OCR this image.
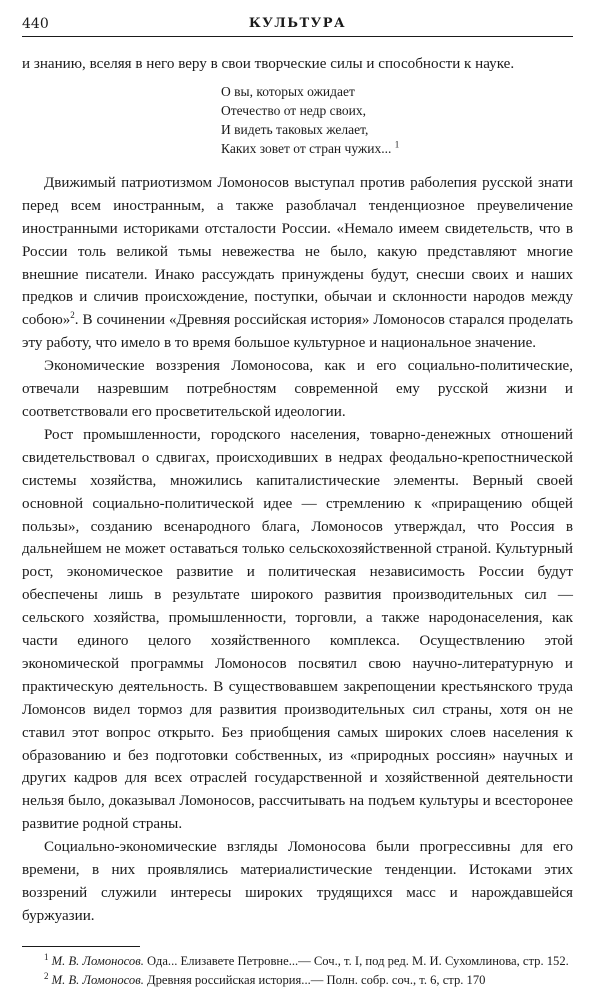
440	КУЛЬТУРА

и знанию, вселяя в него веру в свои творческие силы и способности к науке.

О вы, которых ожидает
Отечество от недр своих,
И видеть таковых желает,
Каких зовет от стран чужих... $^1$

Движимый патриотизмом Ломоносов выступал против раболепия русской знати перед всем иностранным, а также разоблачал тенденциозное преувеличение иностранными историками отсталости России. «Немало имеем свидетельств, что в России толь великой тьмы невежества не было, какую представляют многие внешние писатели. Инако рассуждать принуждены будут, снесши своих и наших предков и сличив происхождение, поступки, обычаи и склонности народов между собою»$^2$. В сочинении «Древняя российская история» Ломоносов старался проделать эту работу, что имело в то время большое культурное и национальное значение.

Экономические воззрения Ломоносова, как и его социально-политические, отвечали назревшим потребностям современной ему русской жизни и соответствовали его просветительской идеологии.

Рост промышленности, городского населения, товарно-денежных отношений свидетельствовал о сдвигах, происходивших в недрах феодально-крепостнической системы хозяйства, множились капиталистические элементы. Верный своей основной социально-политической идее — стремлению к «приращению общей пользы», созданию всенародного блага, Ломоносов утверждал, что Россия в дальнейшем не может оставаться только сельскохозяйственной страной. Культурный рост, экономическое развитие и политическая независимость России будут обеспечены лишь в результате широкого развития производительных сил — сельского хозяйства, промышленности, торговли, а также народонаселения, как части единого целого хозяйственного комплекса. Осуществлению этой экономической программы Ломоносов посвятил свою научно-литературную и практическую деятельность. В существовавшем закрепощении крестьянского труда Ломонсов видел тормоз для развития производительных сил страны, хотя он не ставил этот вопрос открыто. Без приобщения самых широких слоев населения к образованию и без подготовки собственных, из «природных россиян» научных и других кадров для всех отраслей государственной и хозяйственной деятельности нельзя было, доказывал Ломоносов, рассчитывать на подъем культуры и всесторонее развитие родной страны.

Социально-экономические взгляды Ломоносова были прогрессивны для его времени, в них проявлялись материалистические тенденции. Истоками этих воззрений служили интересы широких трудящихся масс и нарождавшейся буржуазии.

$^1$ М. В. Ломоносов. Ода... Елизавете Петровне...— Соч., т. I, под ред. М. И. Сухомлинова, стр. 152.
$^2$ М. В. Ломоносов. Древняя российская история...— Полн. собр. соч., т. 6, стр. 170
